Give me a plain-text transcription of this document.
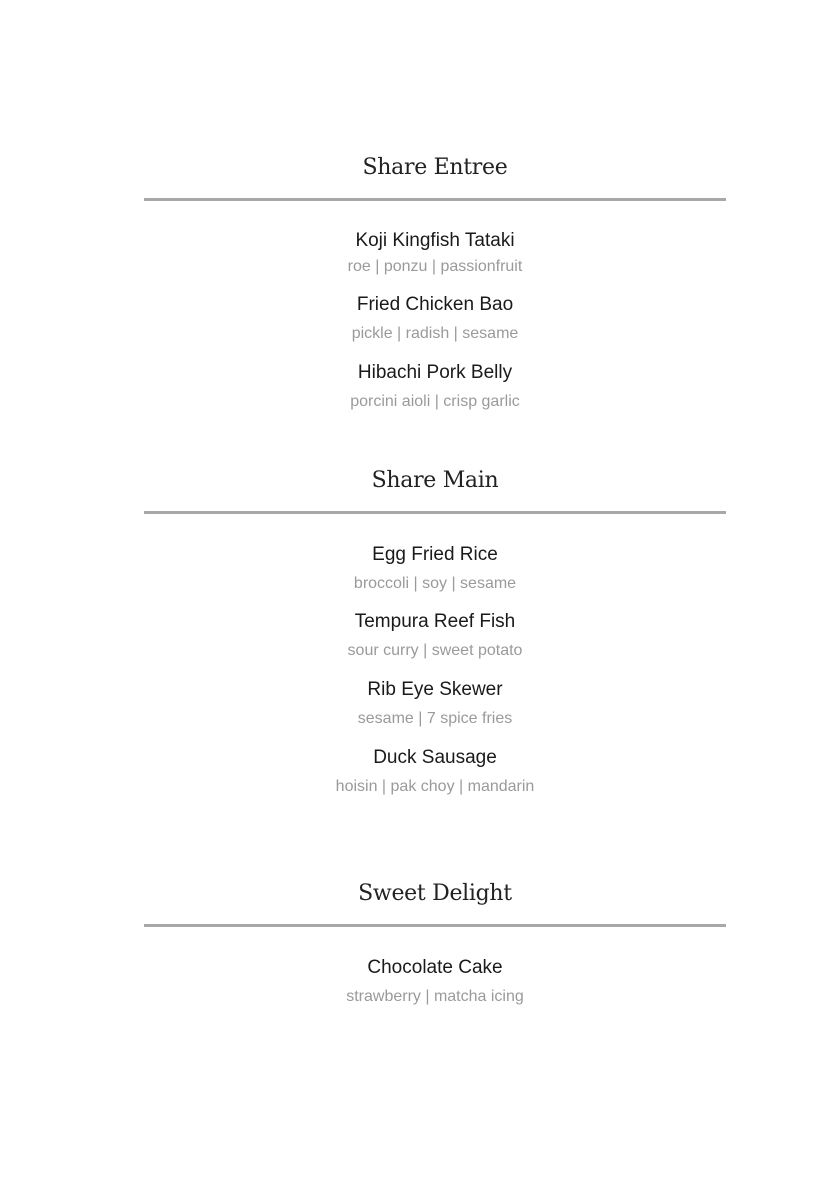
Share Entree
Koji Kingfish Tataki
roe | ponzu | passionfruit
Fried Chicken Bao
pickle | radish | sesame
Hibachi Pork Belly
porcini aioli | crisp garlic
Share Main
Egg Fried Rice
broccoli | soy | sesame
Tempura Reef Fish
sour curry | sweet potato
Rib Eye Skewer
sesame | 7 spice fries
Duck Sausage
hoisin | pak choy | mandarin
Sweet Delight
Chocolate Cake
strawberry | matcha icing
